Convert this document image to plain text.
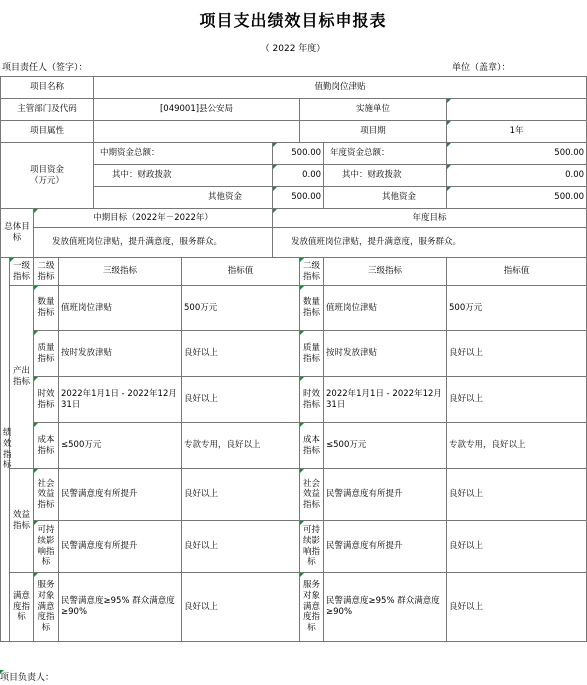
项目支出绩效目标申报表
（ 2022 年度）
项目责任人（签字）：	单位（盖章）：
项目名称				值勤岗位津贴					
主管部门及代码				[049001]县公安局			实施单位		
项目属性							项目期		1年
项目资金
（万元）				中期资金总额：		500.00		年度资金总额：	500.00
				其中：财政拨款		0.00		其中：财政拨款	0.00
				其他资金		500.00		其他资金	500.00
总体目标		中期目标（2022年－2022年）				年度目标			
		发放值班岗位津贴，提升满意度，服务群众。				发放值班岗位津贴，提升满意度，服务群众。			
绩效指标	一级指标	二级指标	三级指标		指标值		二级指标	三级指标	指标值
	产出指标	数量指标	值班岗位津贴		500万元		数量指标	值班岗位津贴	500万元
		质量指标	按时发放津贴		良好以上		质量指标	按时发放津贴	良好以上
		时效指标	2022年1月1日 - 2022年12月31日		良好以上		时效指标	2022年1月1日 - 2022年12月31日	良好以上
		成本指标	≤500万元		专款专用，良好以上		成本指标	≤500万元	专款专用，良好以上
	效益指标	社会效益指标	民警满意度有所提升		良好以上		社会效益指标	民警满意度有所提升	良好以上
		可持续影响指标	民警满意度有所提升		良好以上		可持续影响指标	民警满意度有所提升	良好以上
	满意度指标	服务对象满意度指标	民警满意度≥95% 群众满意度≥90%		良好以上		服务对象满意度指标	民警满意度≥95% 群众满意度≥90%	良好以上
项目负责人：
